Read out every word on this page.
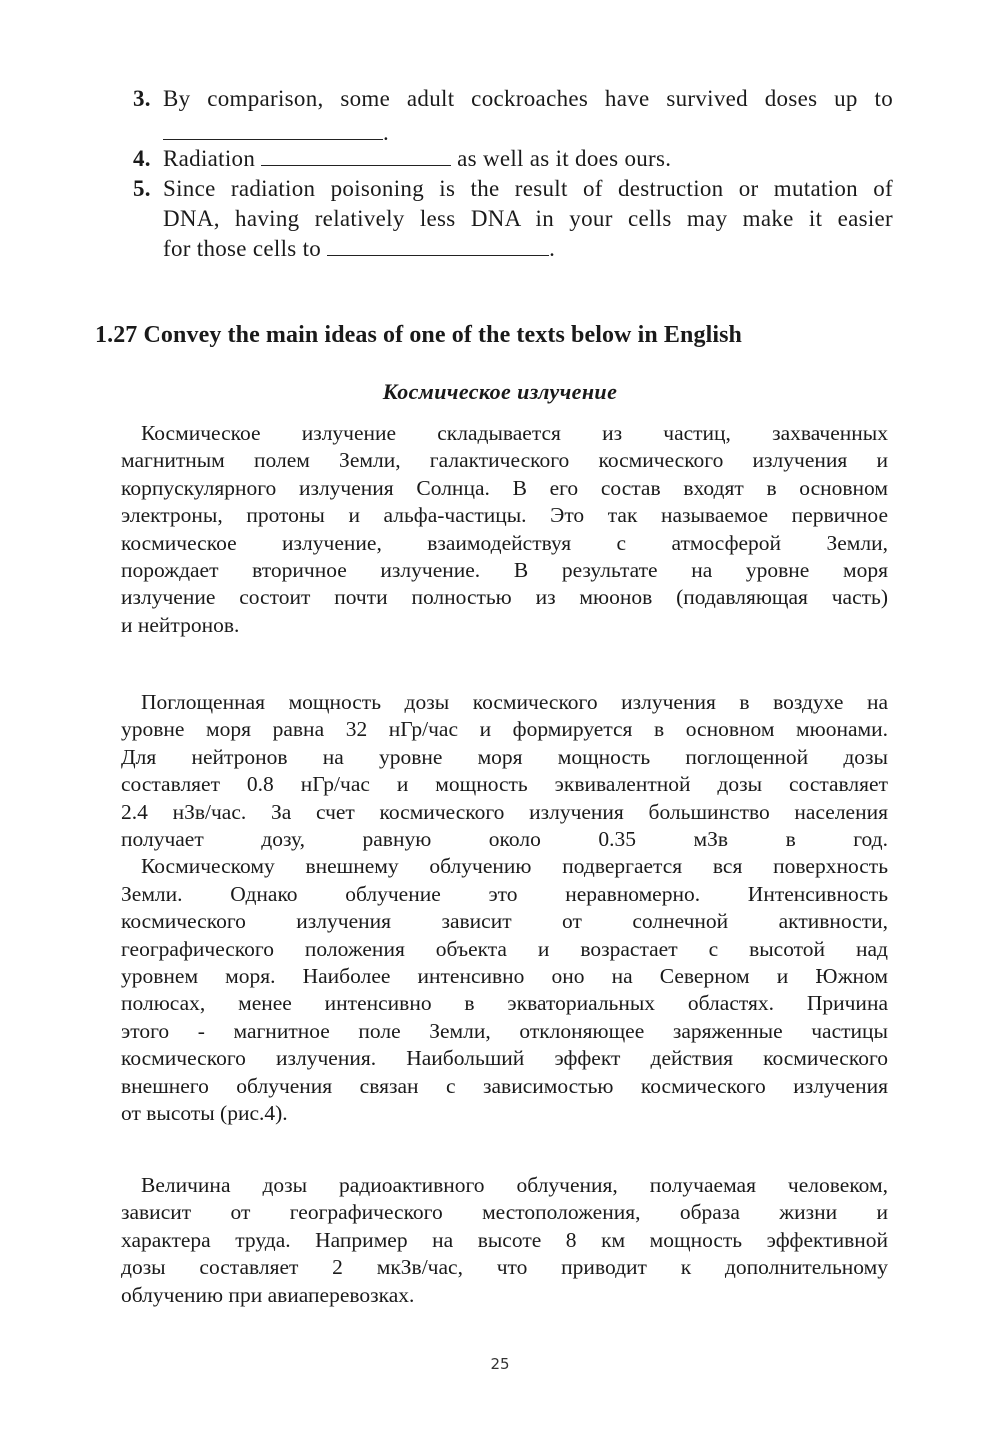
3. By comparison, some adult cockroaches have survived doses up to
.
4. Radiation	as well as it does ours.
5. Since radiation poisoning is the result of destruction or mutation of
DNA, having relatively less DNA in your cells may make it easier
for those cells to	.
1.27 Convey the main ideas of one of the texts below in English
Космическое излучение
Космическое излучение складывается из частиц, захваченных
магнитным полем Земли, галактического космического излучения и
корпускулярного излучения Солнца. В его состав входят в основном
электроны, протоны и альфа-частицы. Это так называемое первичное
космическое излучение, взаимодействуя с атмосферой Земли,
порождает вторичное излучение. В результате на уровне моря
излучение состоит почти полностью из мюонов (подавляющая часть)
и нейтронов.
Поглощенная мощность дозы космического излучения в воздухе на
уровне моря равна 32 нГр/час и формируется в основном мюонами.
Для нейтронов на уровне моря мощность поглощенной дозы
составляет 0.8 нГр/час и мощность эквивалентной дозы составляет
2.4 нЗв/час. За счет космического излучения большинство населения
получает дозу, равную около 0.35 мЗв в год.
Космическому внешнему облучению подвергается вся поверхность
Земли. Однако облучение это неравномерно. Интенсивность
космического излучения зависит от солнечной активности,
географического положения объекта и возрастает с высотой над
уровнем моря. Наиболее интенсивно оно на Северном и Южном
полюсах, менее интенсивно в экваториальных областях. Причина
этого - магнитное поле Земли, отклоняющее заряженные частицы
космического излучения. Наибольший эффект действия космического
внешнего облучения связан с зависимостью космического излучения
от высоты (рис.4).
Величина дозы радиоактивного облучения, получаемая человеком,
зависит от географического местоположения, образа жизни и
характера труда. Например на высоте 8 км мощность эффективной
дозы составляет 2 мкЗв/час, что приводит к дополнительному
облучению при авиаперевозках.
25
